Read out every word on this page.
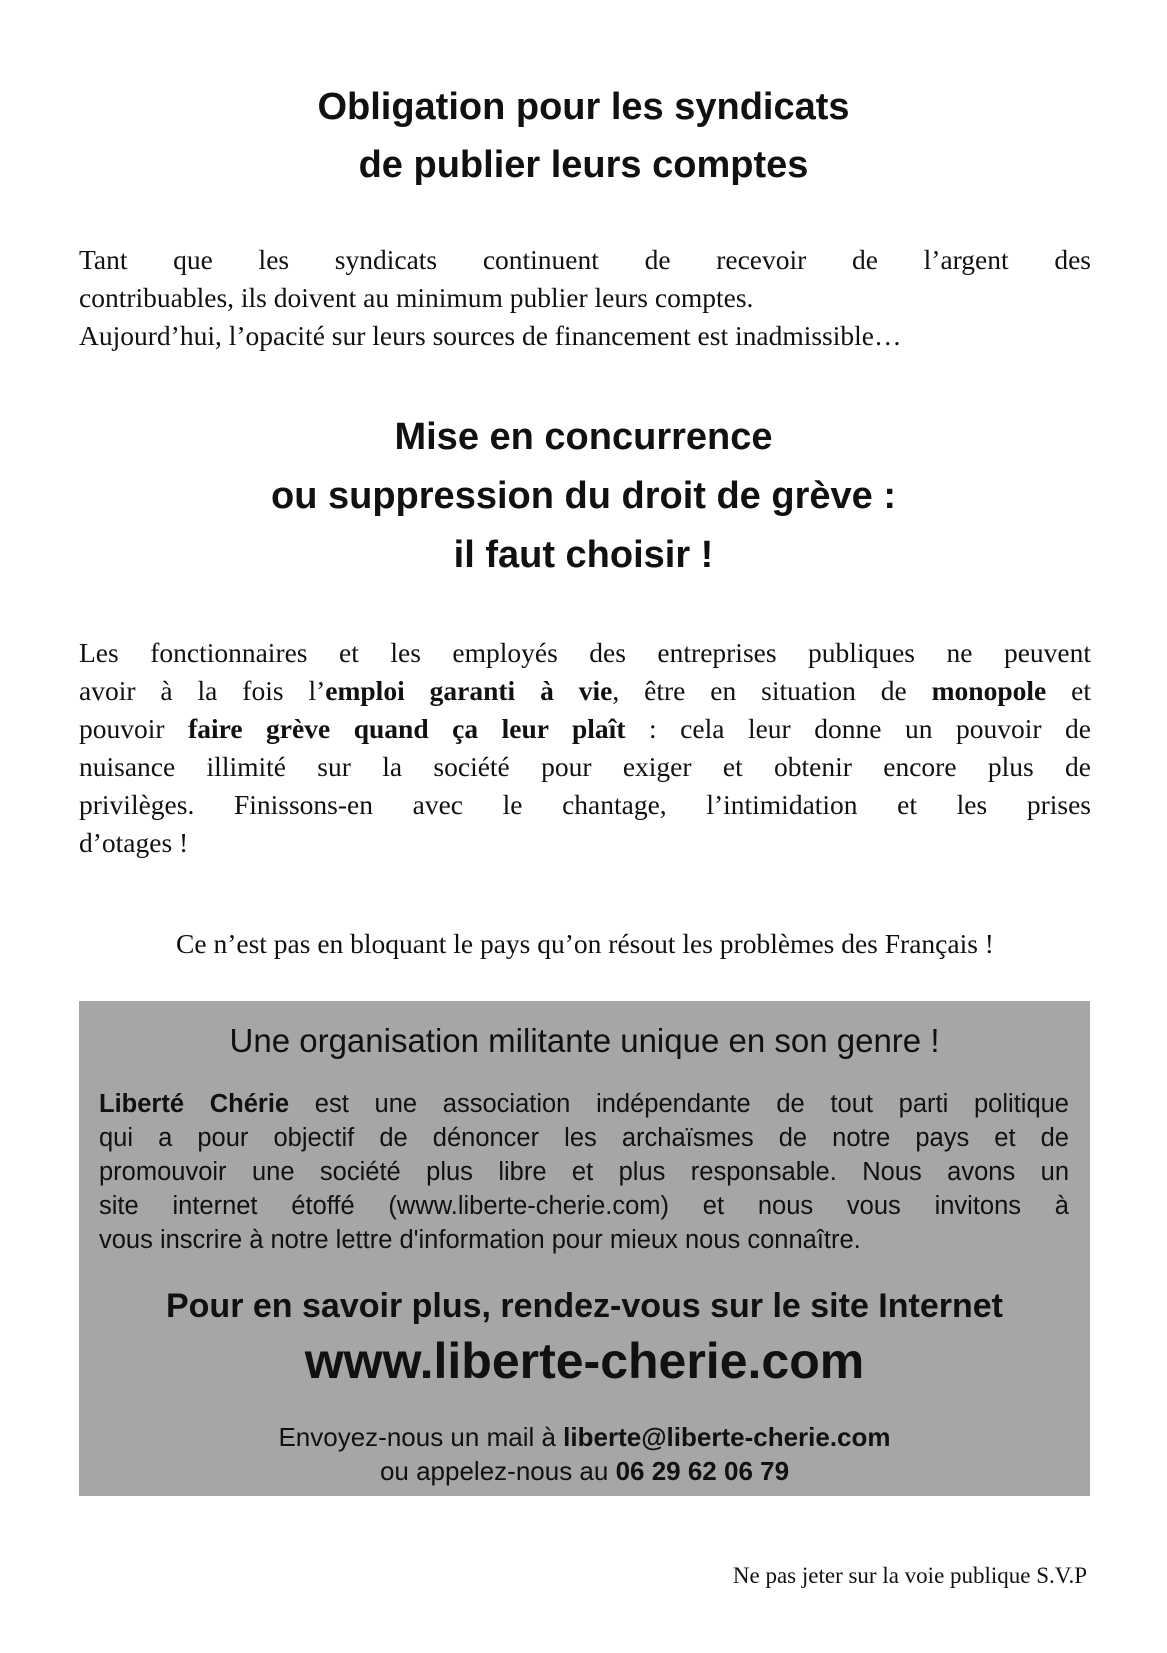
Obligation pour les syndicats
de publier leurs comptes

Tant que les syndicats continuent de recevoir de l’argent des
contribuables, ils doivent au minimum publier leurs comptes.
Aujourd’hui, l’opacité sur leurs sources de financement est inadmissible…

Mise en concurrence
ou suppression du droit de grève :
il faut choisir !

Les fonctionnaires et les employés des entreprises publiques ne peuvent
avoir à la fois l’emploi garanti à vie, être en situation de monopole et
pouvoir faire grève quand ça leur plaît : cela leur donne un pouvoir de
nuisance illimité sur la société pour exiger et obtenir encore plus de
privilèges. Finissons-en avec le chantage, l’intimidation et les prises
d’otages !

Ce n’est pas en bloquant le pays qu’on résout les problèmes des Français !

Une organisation militante unique en son genre !

Liberté Chérie est une association indépendante de tout parti politique
qui a pour objectif de dénoncer les archaïsmes de notre pays et de
promouvoir une société plus libre et plus responsable. Nous avons un
site internet étoffé (www.liberte-cherie.com) et nous vous invitons à
vous inscrire à notre lettre d'information pour mieux nous connaître.

Pour en savoir plus, rendez-vous sur le site Internet

www.liberte-cherie.com

Envoyez-nous un mail à liberte@liberte-cherie.com
ou appelez-nous au 06 29 62 06 79

Ne pas jeter sur la voie publique S.V.P
